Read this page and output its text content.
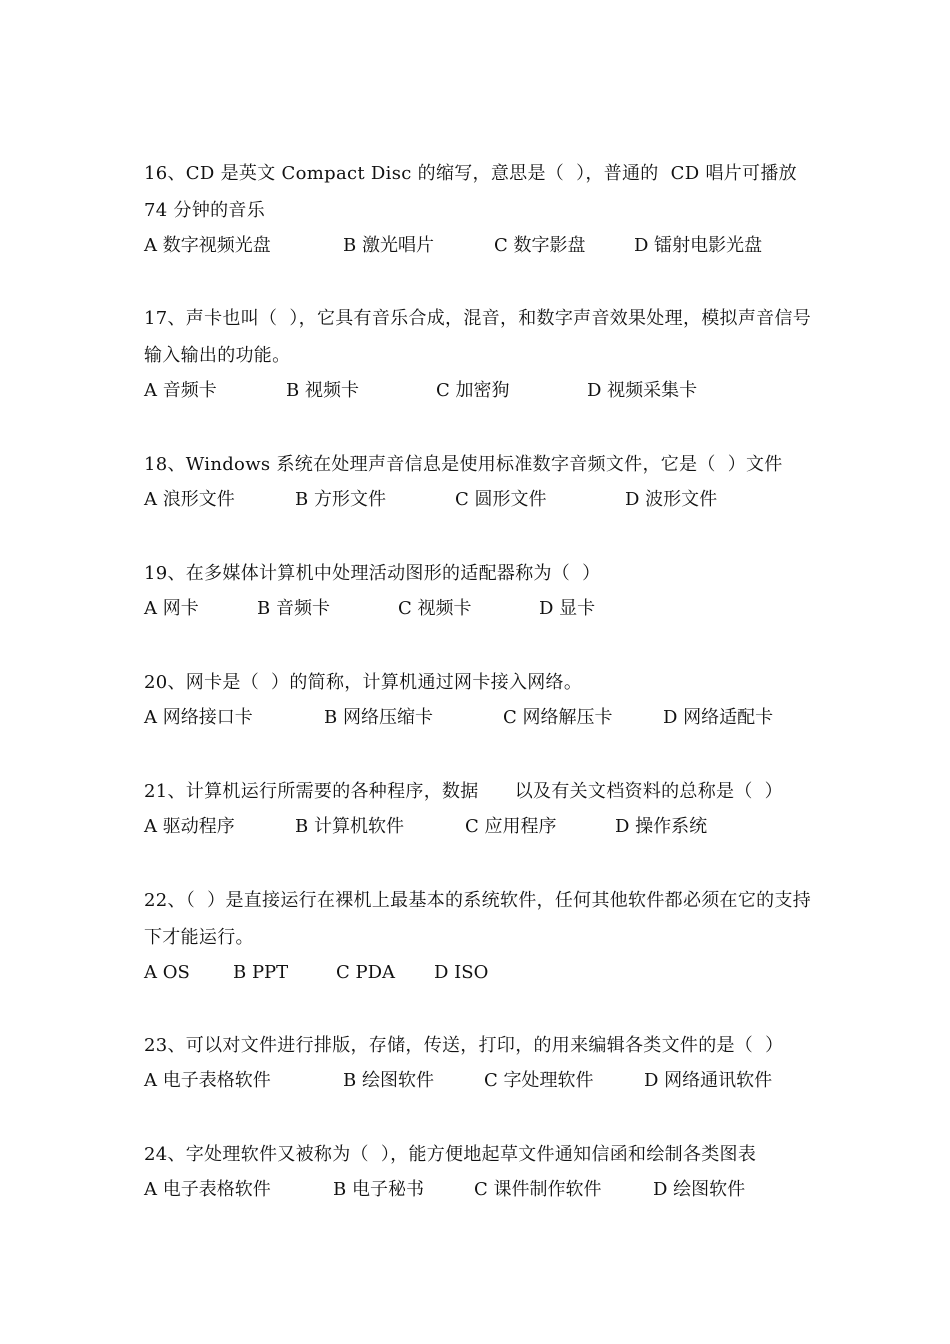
16、CD 是英文 Compact Disc 的缩写，意思是（  ），普通的  CD 唱片可播放 74 分钟的音乐
A 数字视频光盘	B 激光唱片	C 数字影盘	D 镭射电影光盘
17、声卡也叫（  ），它具有音乐合成，混音，和数字声音效果处理，模拟声音信号输入输出的功能。
A 音频卡	B 视频卡	C 加密狗	D 视频采集卡
18、Windows 系统在处理声音信息是使用标准数字音频文件，它是（  ）文件
A 浪形文件	B 方形文件	C 圆形文件	D 波形文件
19、在多媒体计算机中处理活动图形的适配器称为（  ）
A 网卡	B 音频卡	C 视频卡	D 显卡
20、网卡是（  ）的简称，计算机通过网卡接入网络。
A 网络接口卡	B 网络压缩卡	C 网络解压卡	D 网络适配卡
21、计算机运行所需要的各种程序，数据      以及有关文档资料的总称是（  ）
A 驱动程序	B 计算机软件	C 应用程序	D 操作系统
22、（  ）是直接运行在裸机上最基本的系统软件，任何其他软件都必须在它的支持下才能运行。
A OS B PPT	C PDA D ISO
23、可以对文件进行排版，存储，传送，打印，的用来编辑各类文件的是（  ）
A 电子表格软件	B 绘图软件	C 字处理软件	D 网络通讯软件
24、字处理软件又被称为（  ），能方便地起草文件通知信函和绘制各类图表
A 电子表格软件	B 电子秘书	C 课件制作软件	D 绘图软件
